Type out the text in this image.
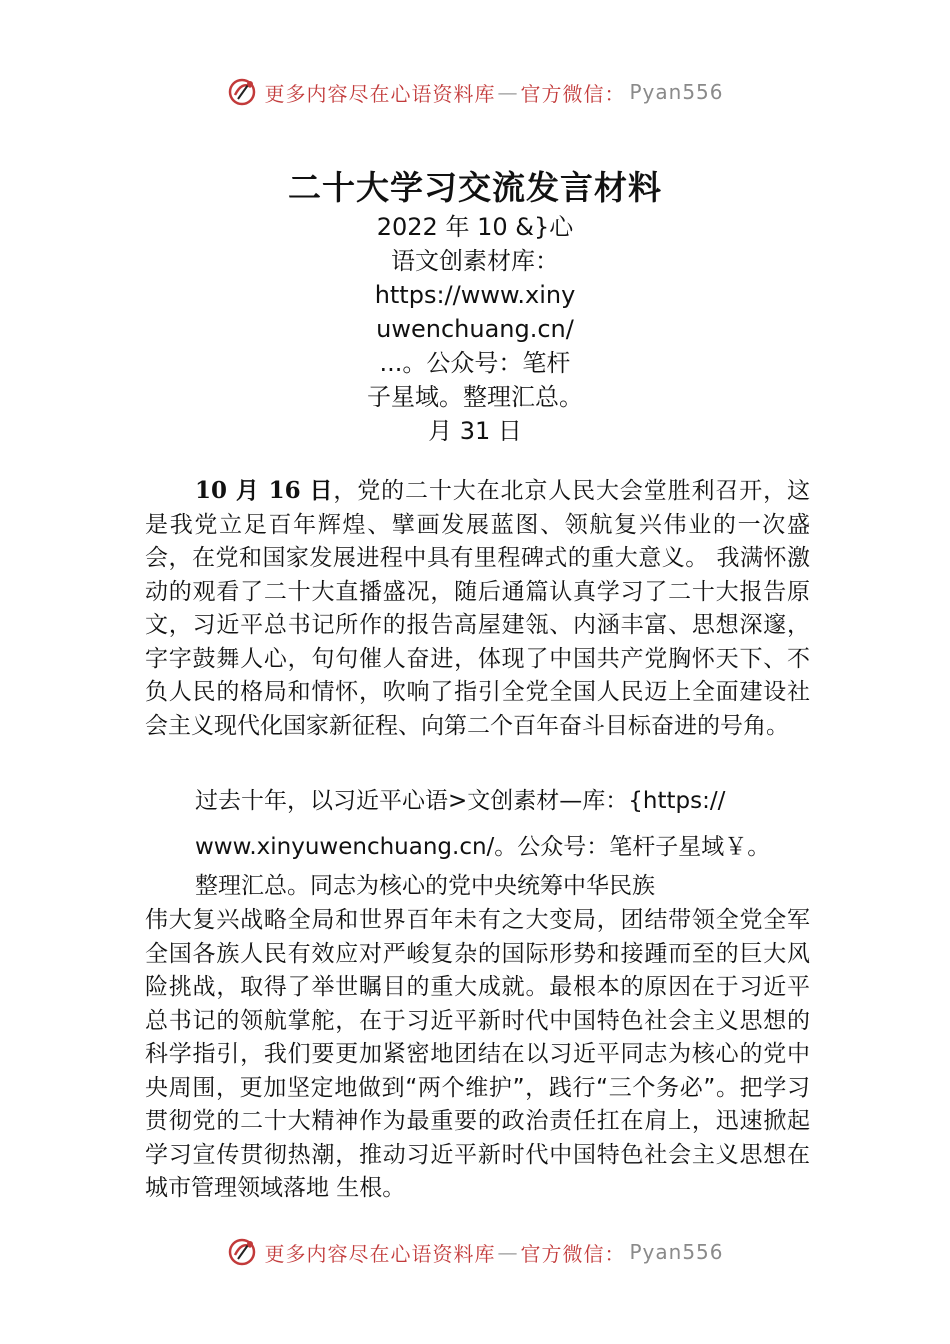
更多内容尽在心语资料库 — 官方微信： Pyan556
二十大学习交流发言材料
2022 年 10 &}心
语文创素材库：
https://www.xiny
uwenchuang.cn/
...。公众号：笔杆
子星域。整理汇总。
月 31 日

10 月 16 日，党的二十大在北京人民大会堂胜利召开，这是我党立足百年辉煌、擘画发展蓝图、领航复兴伟业的一次盛会，在党和国家发展进程中具有里程碑式的重大意义。 我满怀激动的观看了二十大直播盛况，随后通篇认真学习了二十大报告原文，习近平总书记所作的报告高屋建瓴、内涵丰富、思想深邃，字字鼓舞人心，句句催人奋进，体现了中国共产党胸怀天下、不负人民的格局和情怀，吹响了指引全党全国人民迈上全面建设社会主义现代化国家新征程、向第二个百年奋斗目标奋进的号角。

过去十年，以习近平心语>文创素材—库：{https://
www.xinyuwenchuang.cn/。公众号：笔杆子星域￥。
整理汇总。同志为核心的党中央统筹中华民族

伟大复兴战略全局和世界百年未有之大变局，团结带领全党全军全国各族人民有效应对严峻复杂的国际形势和接踵而至的巨大风险挑战，取得了举世瞩目的重大成就。最根本的原因在于习近平总书记的领航掌舵，在于习近平新时代中国特色社会主义思想的科学指引，我们要更加紧密地团结在以习近平同志为核心的党中央周围，更加坚定地做到“两个维护”，践行“三个务必”。把学习贯彻党的二十大精神作为最重要的政治责任扛在肩上，迅速掀起学习宣传贯彻热潮，推动习近平新时代中国特色社会主义思想在城市管理领域落地 生根。

更多内容尽在心语资料库 — 官方微信： Pyan556
